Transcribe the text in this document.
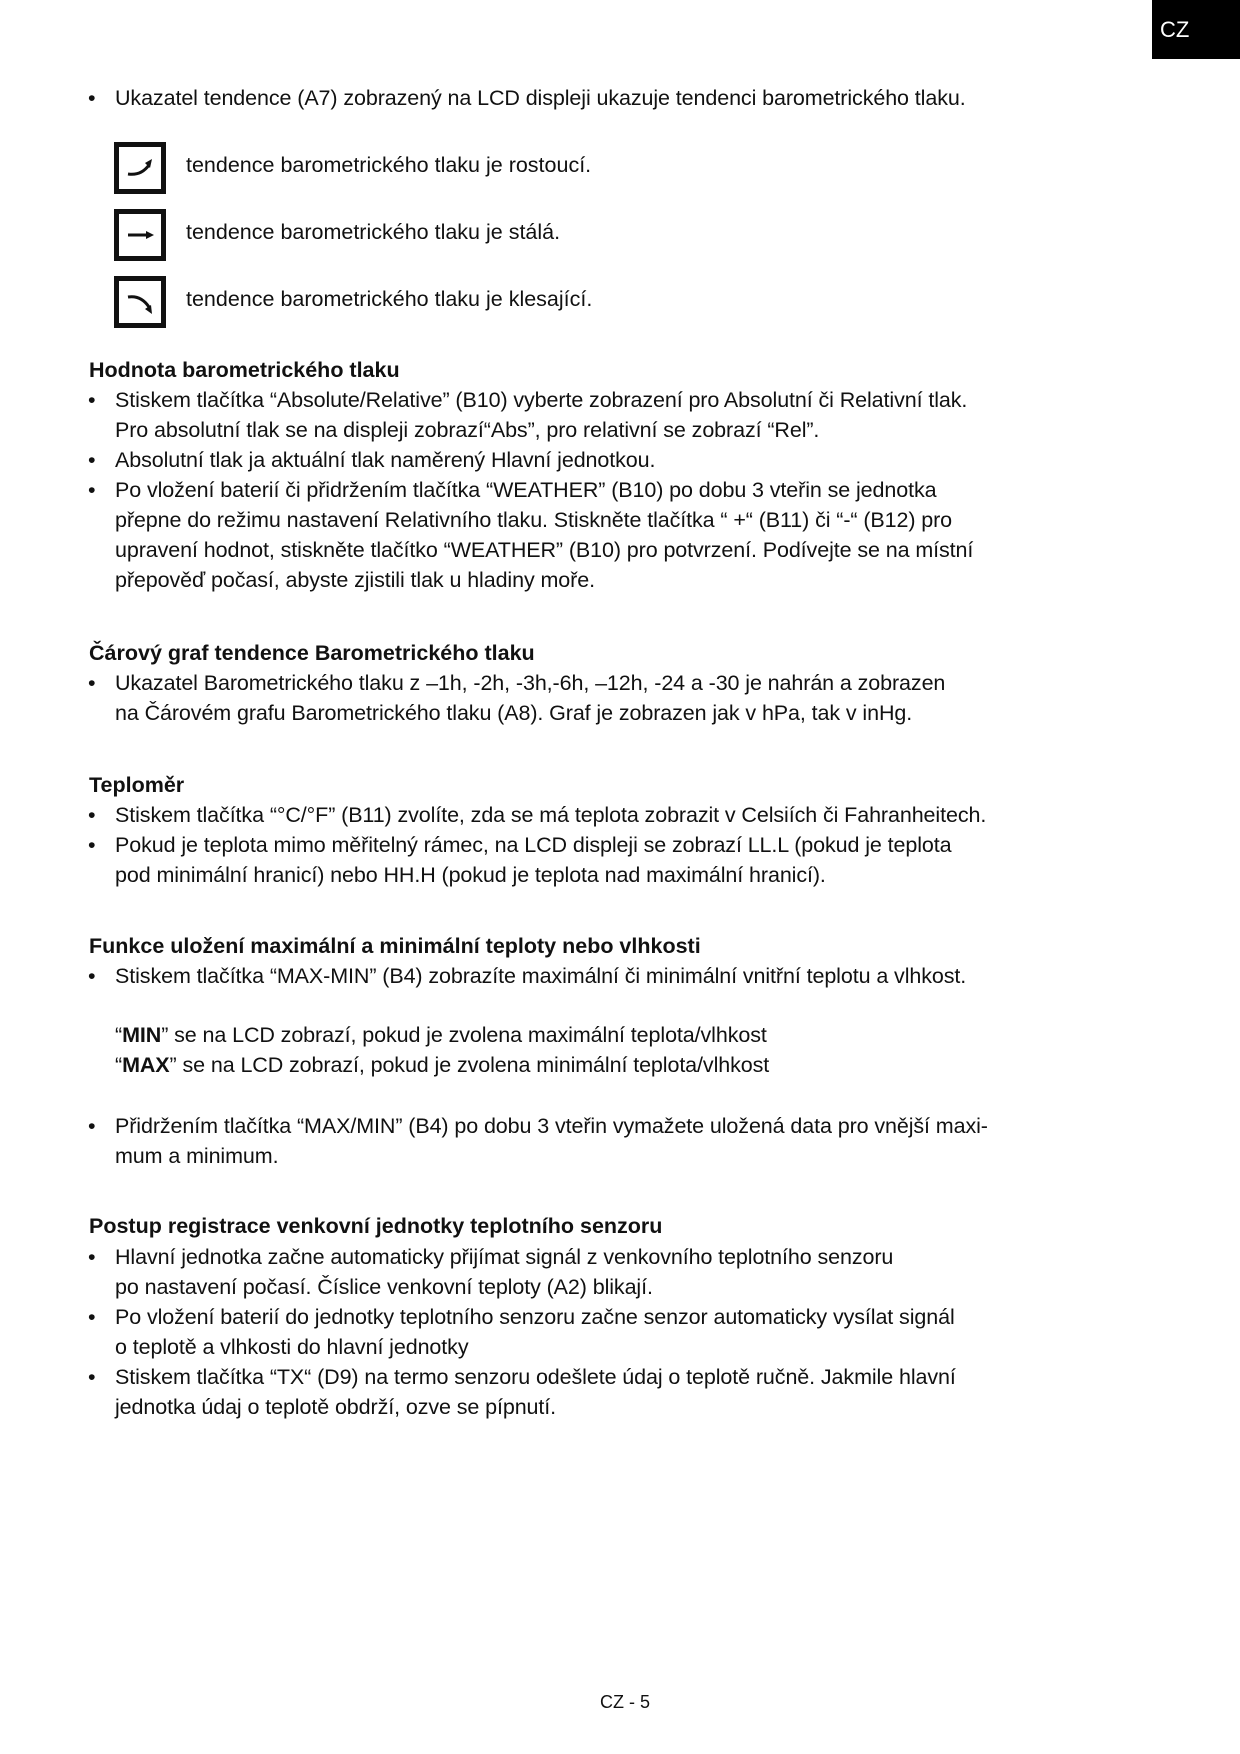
CZ
• Ukazatel tendence (A7) zobrazený na LCD displeji ukazuje tendenci barometrického tlaku.
tendence barometrického tlaku je rostoucí.
tendence barometrického tlaku je stálá.
tendence barometrického tlaku je klesající.
Hodnota barometrického tlaku
• Stiskem tlačítka “Absolute/Relative” (B10) vyberte zobrazení pro Absolutní či Relativní tlak.
Pro absolutní tlak se na displeji zobrazí“Abs”, pro relativní se zobrazí “Rel”.
• Absolutní tlak ja aktuální tlak naměrený Hlavní jednotkou.
• Po vložení baterií či přidržením tlačítka “WEATHER” (B10) po dobu 3 vteřin se jednotka
přepne do režimu nastavení Relativního tlaku. Stiskněte tlačítka “ +“ (B11) či “-“ (B12) pro
upravení hodnot, stiskněte tlačítko “WEATHER” (B10) pro potvrzení. Podívejte se na místní
přepověď počasí, abyste zjistili tlak u hladiny moře.
Čárový graf tendence Barometrického tlaku
• Ukazatel Barometrického tlaku z –1h, -2h, -3h,-6h, –12h, -24 a -30 je nahrán a zobrazen
na Čárovém grafu Barometrického tlaku (A8). Graf je zobrazen jak v hPa, tak v inHg.
Teploměr
• Stiskem tlačítka “°C/°F” (B11) zvolíte, zda se má teplota zobrazit v Celsiích či Fahranheitech.
• Pokud je teplota mimo měřitelný rámec, na LCD displeji se zobrazí LL.L (pokud je teplota
pod minimální hranicí) nebo HH.H (pokud je teplota nad maximální hranicí).
Funkce uložení maximální a minimální teploty nebo vlhkosti
• Stiskem tlačítka “MAX-MIN” (B4) zobrazíte maximální či minimální vnitřní teplotu a vlhkost.
“MIN” se na LCD zobrazí, pokud je zvolena maximální teplota/vlhkost
“MAX” se na LCD zobrazí, pokud je zvolena minimální teplota/vlhkost
• Přidržením tlačítka “MAX/MIN” (B4) po dobu 3 vteřin vymažete uložená data pro vnější maxi-
mum a minimum.
Postup registrace venkovní jednotky teplotního senzoru
• Hlavní jednotka začne automaticky přijímat signál z venkovního teplotního senzoru
po nastavení počasí. Číslice venkovní teploty (A2) blikají.
• Po vložení baterií do jednotky teplotního senzoru začne senzor automaticky vysílat signál
o teplotě a vlhkosti do hlavní jednotky
• Stiskem tlačítka “TX“ (D9) na termo senzoru odešlete údaj o teplotě ručně. Jakmile hlavní
jednotka údaj o teplotě obdrží, ozve se pípnutí.
CZ - 5
